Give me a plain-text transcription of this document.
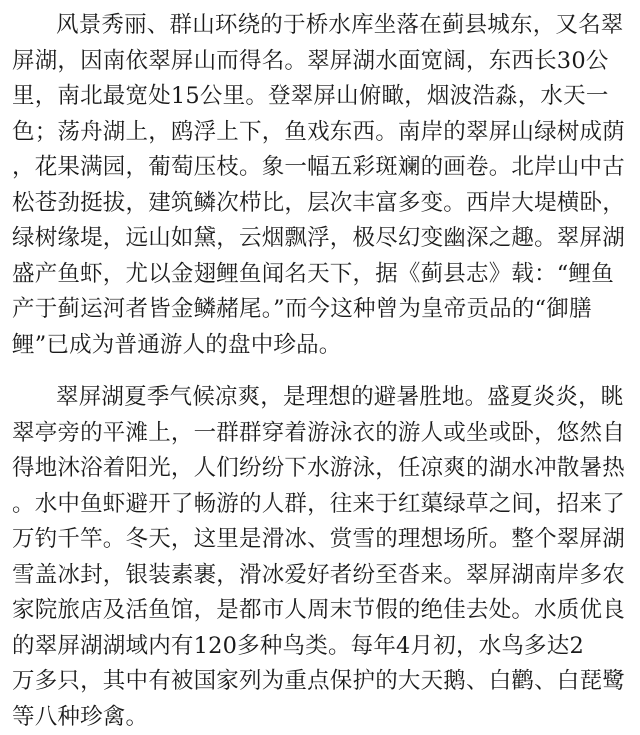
风景秀丽、群山环绕的于桥水库坐落在蓟县城东，又名翠
屏湖，因南依翠屏山而得名。翠屏湖水面宽阔，东西长30公
里，南北最宽处15公里。登翠屏山俯瞰，烟波浩淼，水天一
色；荡舟湖上，鸥浮上下，鱼戏东西。南岸的翠屏山绿树成荫
，花果满园，葡萄压枝。象一幅五彩斑斓的画卷。北岸山中古
松苍劲挺拔，建筑鳞次栉比，层次丰富多变。西岸大堤横卧，
绿树缘堤，远山如黛，云烟飘浮，极尽幻变幽深之趣。翠屏湖
盛产鱼虾，尤以金翅鲤鱼闻名天下，据《蓟县志》载：“鲤鱼
产于蓟运河者皆金鳞赭尾。”而今这种曾为皇帝贡品的“御膳
鲤”已成为普通游人的盘中珍品。
翠屏湖夏季气候凉爽，是理想的避暑胜地。盛夏炎炎，眺
翠亭旁的平滩上，一群群穿着游泳衣的游人或坐或卧，悠然自
得地沐浴着阳光，人们纷纷下水游泳，任凉爽的湖水冲散暑热
。水中鱼虾避开了畅游的人群，往来于红蕖绿草之间，招来了
万钓千竿。冬天，这里是滑冰、赏雪的理想场所。整个翠屏湖
雪盖冰封，银装素裹，滑冰爱好者纷至沓来。翠屏湖南岸多农
家院旅店及活鱼馆，是都市人周末节假的绝佳去处。水质优良
的翠屏湖湖域内有120多种鸟类。每年4月初，水鸟多达2
万多只，其中有被国家列为重点保护的大天鹅、白鹳、白琵鹭
等八种珍禽。
